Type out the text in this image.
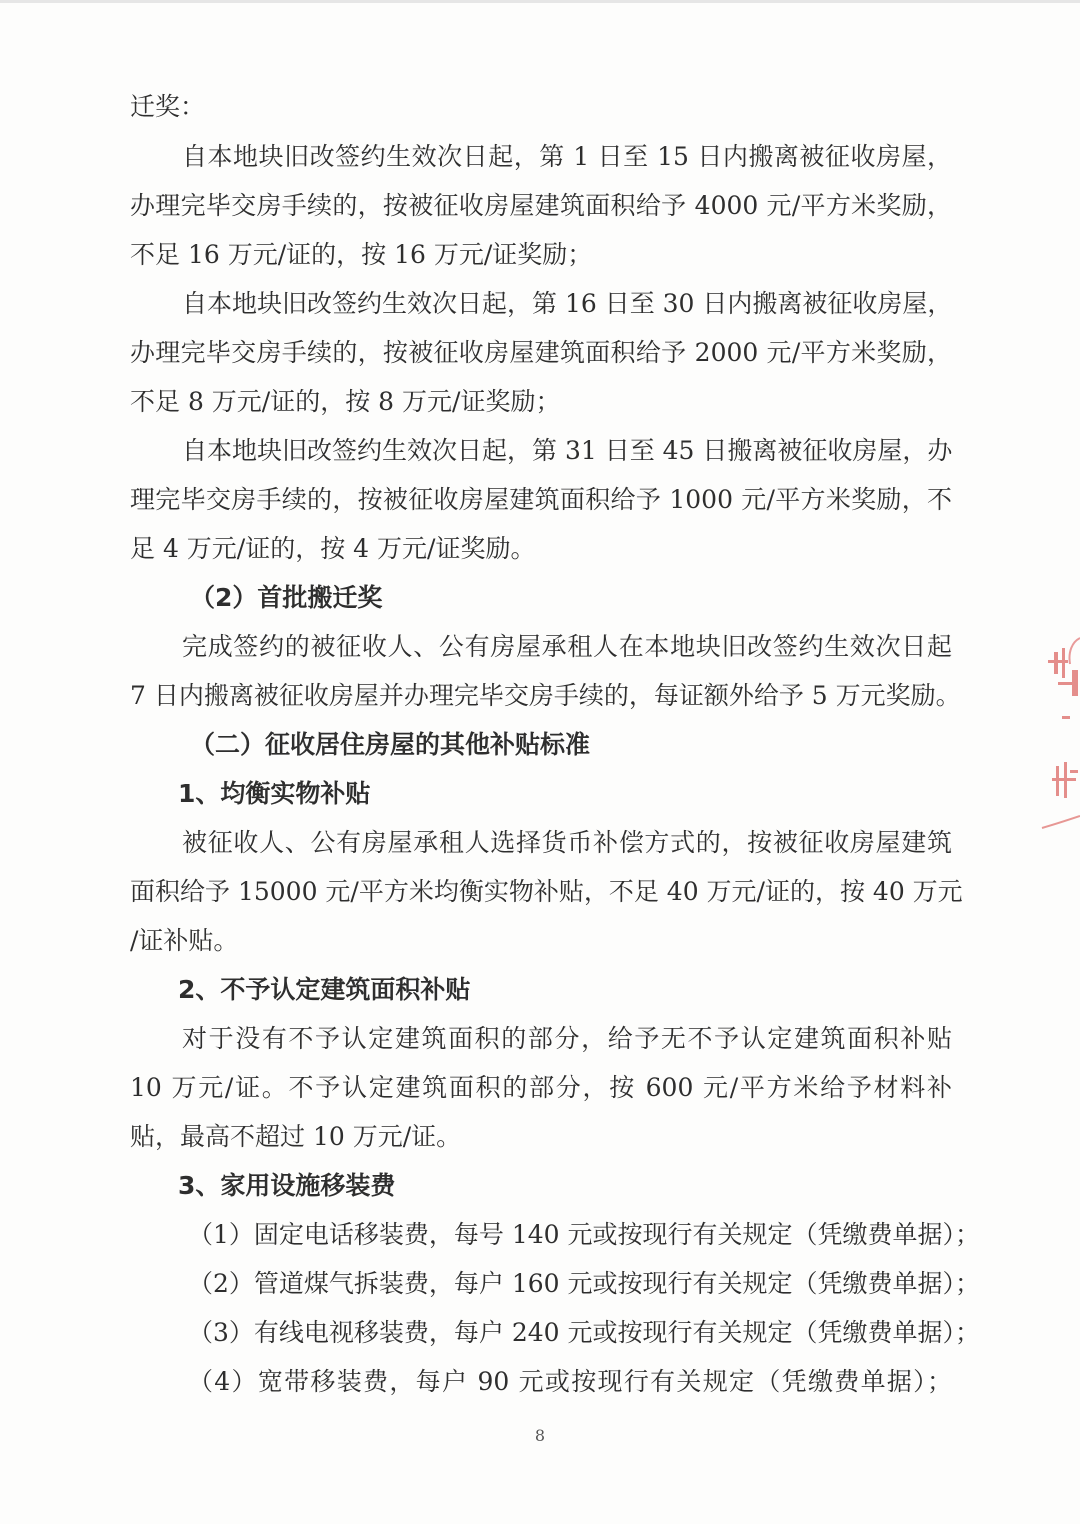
迁奖：
自本地块旧改签约生效次日起，第 1 日至 15 日内搬离被征收房屋，
办理完毕交房手续的，按被征收房屋建筑面积给予 4000 元/平方米奖励，
不足 16 万元/证的，按 16 万元/证奖励；
自本地块旧改签约生效次日起，第 16 日至 30 日内搬离被征收房屋，
办理完毕交房手续的，按被征收房屋建筑面积给予 2000 元/平方米奖励，
不足 8 万元/证的，按 8 万元/证奖励；
自本地块旧改签约生效次日起，第 31 日至 45 日搬离被征收房屋，办
理完毕交房手续的，按被征收房屋建筑面积给予 1000 元/平方米奖励，不
足 4 万元/证的，按 4 万元/证奖励。
（2）首批搬迁奖
完成签约的被征收人、公有房屋承租人在本地块旧改签约生效次日起
7 日内搬离被征收房屋并办理完毕交房手续的，每证额外给予 5 万元奖励。
（二）征收居住房屋的其他补贴标准
1、均衡实物补贴
被征收人、公有房屋承租人选择货币补偿方式的，按被征收房屋建筑
面积给予 15000 元/平方米均衡实物补贴，不足 40 万元/证的，按 40 万元
/证补贴。
2、不予认定建筑面积补贴
对于没有不予认定建筑面积的部分，给予无不予认定建筑面积补贴
10 万元/证。不予认定建筑面积的部分，按 600 元/平方米给予材料补
贴，最高不超过 10 万元/证。
3、家用设施移装费
（1）固定电话移装费，每号 140 元或按现行有关规定（凭缴费单据）；
（2）管道煤气拆装费，每户 160 元或按现行有关规定（凭缴费单据）；
（3）有线电视移装费，每户 240 元或按现行有关规定（凭缴费单据）；
（4）宽带移装费，每户 90 元或按现行有关规定（凭缴费单据）；
8
